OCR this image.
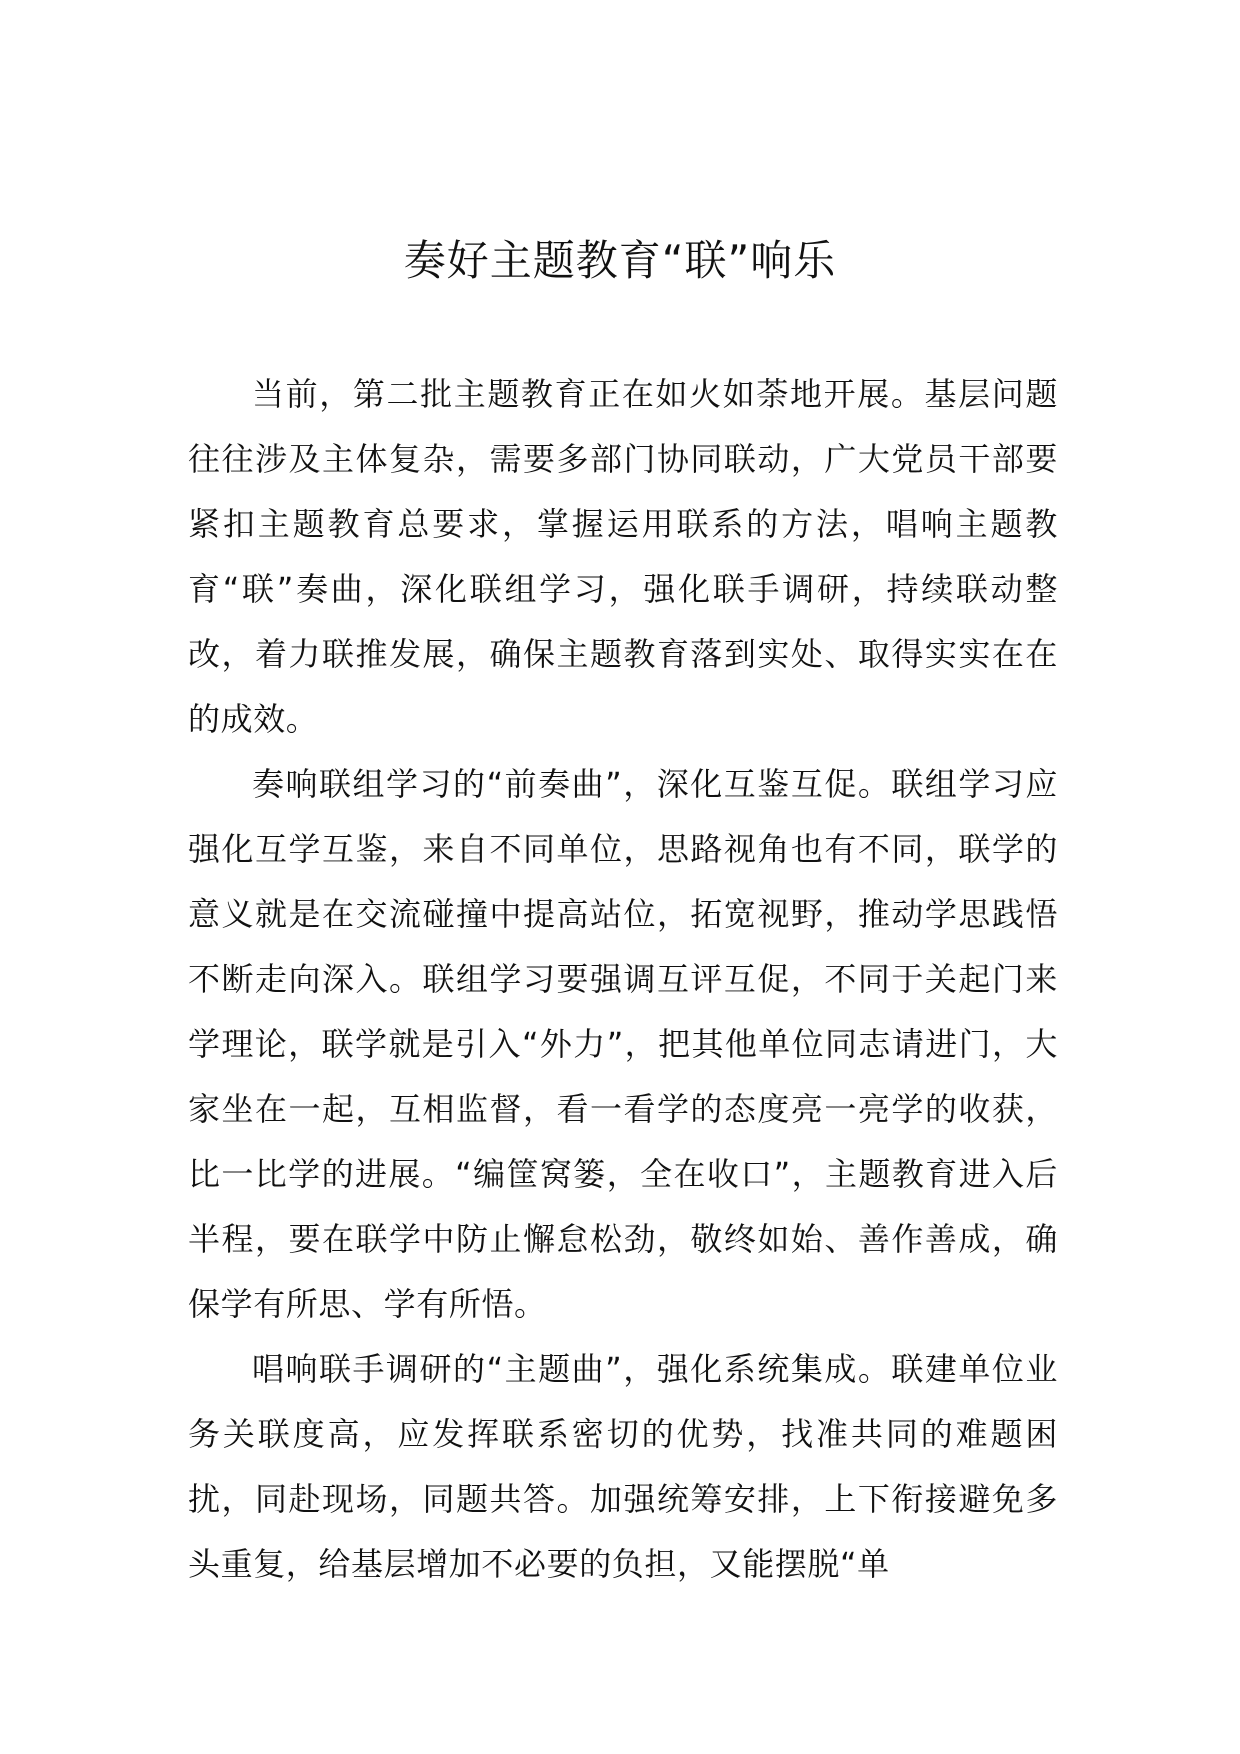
奏好主题教育“联”响乐

当前，第二批主题教育正在如火如荼地开展。基层问题往往涉及主体复杂，需要多部门协同联动，广大党员干部要紧扣主题教育总要求，掌握运用联系的方法，唱响主题教育“联”奏曲，深化联组学习，强化联手调研，持续联动整改，着力联推发展，确保主题教育落到实处、取得实实在在的成效。

奏响联组学习的“前奏曲”，深化互鉴互促。联组学习应强化互学互鉴，来自不同单位，思路视角也有不同，联学的意义就是在交流碰撞中提高站位，拓宽视野，推动学思践悟不断走向深入。联组学习要强调互评互促，不同于关起门来学理论，联学就是引入“外力”，把其他单位同志请进门，大家坐在一起，互相监督，看一看学的态度亮一亮学的收获，比一比学的进展。“编筐窝篓，全在收口”，主题教育进入后半程，要在联学中防止懈怠松劲，敬终如始、善作善成，确保学有所思、学有所悟。

唱响联手调研的“主题曲”，强化系统集成。联建单位业务关联度高，应发挥联系密切的优势，找准共同的难题困扰，同赴现场，同题共答。加强统筹安排，上下衔接避免多头重复，给基层增加不必要的负担，又能摆脱“单
